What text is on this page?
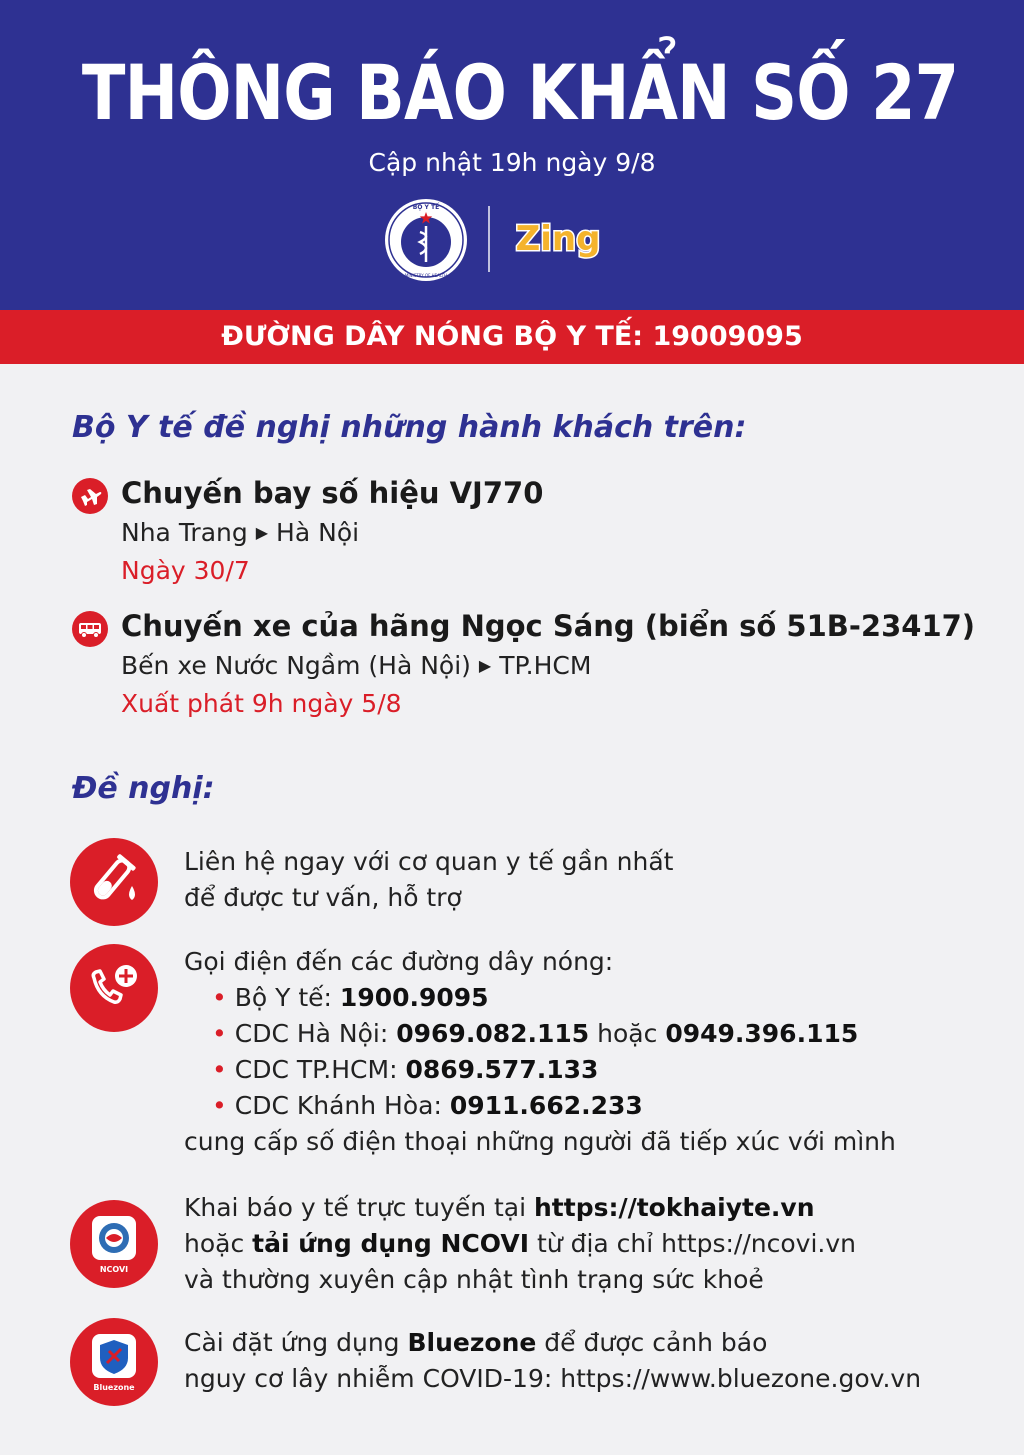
THÔNG BÁO KHẨN SỐ 27
Cập nhật 19h ngày 9/8
BỘ Y TẾ
MINISTRY OF HEALTH
Zing
ĐƯỜNG DÂY NÓNG BỘ Y TẾ: 19009095
Bộ Y tế đề nghị những hành khách trên:
Chuyến bay số hiệu VJ770
Nha Trang ▶ Hà Nội
Ngày 30/7
Chuyến xe của hãng Ngọc Sáng (biển số 51B-23417)
Bến xe Nước Ngầm (Hà Nội) ▶ TP.HCM
Xuất phát 9h ngày 5/8
Đề nghị:
Liên hệ ngay với cơ quan y tế gần nhất
để được tư vấn, hỗ trợ
Gọi điện đến các đường dây nóng:
• Bộ Y tế: 1900.9095
• CDC Hà Nội: 0969.082.115 hoặc 0949.396.115
• CDC TP.HCM: 0869.577.133
• CDC Khánh Hòa: 0911.662.233
cung cấp số điện thoại những người đã tiếp xúc với mình
NCOVI
Khai báo y tế trực tuyến tại https://tokhaiyte.vn
hoặc tải ứng dụng NCOVI từ địa chỉ https://ncovi.vn
và thường xuyên cập nhật tình trạng sức khoẻ
Bluezone
Cài đặt ứng dụng Bluezone để được cảnh báo
nguy cơ lây nhiễm COVID-19: https://www.bluezone.gov.vn
